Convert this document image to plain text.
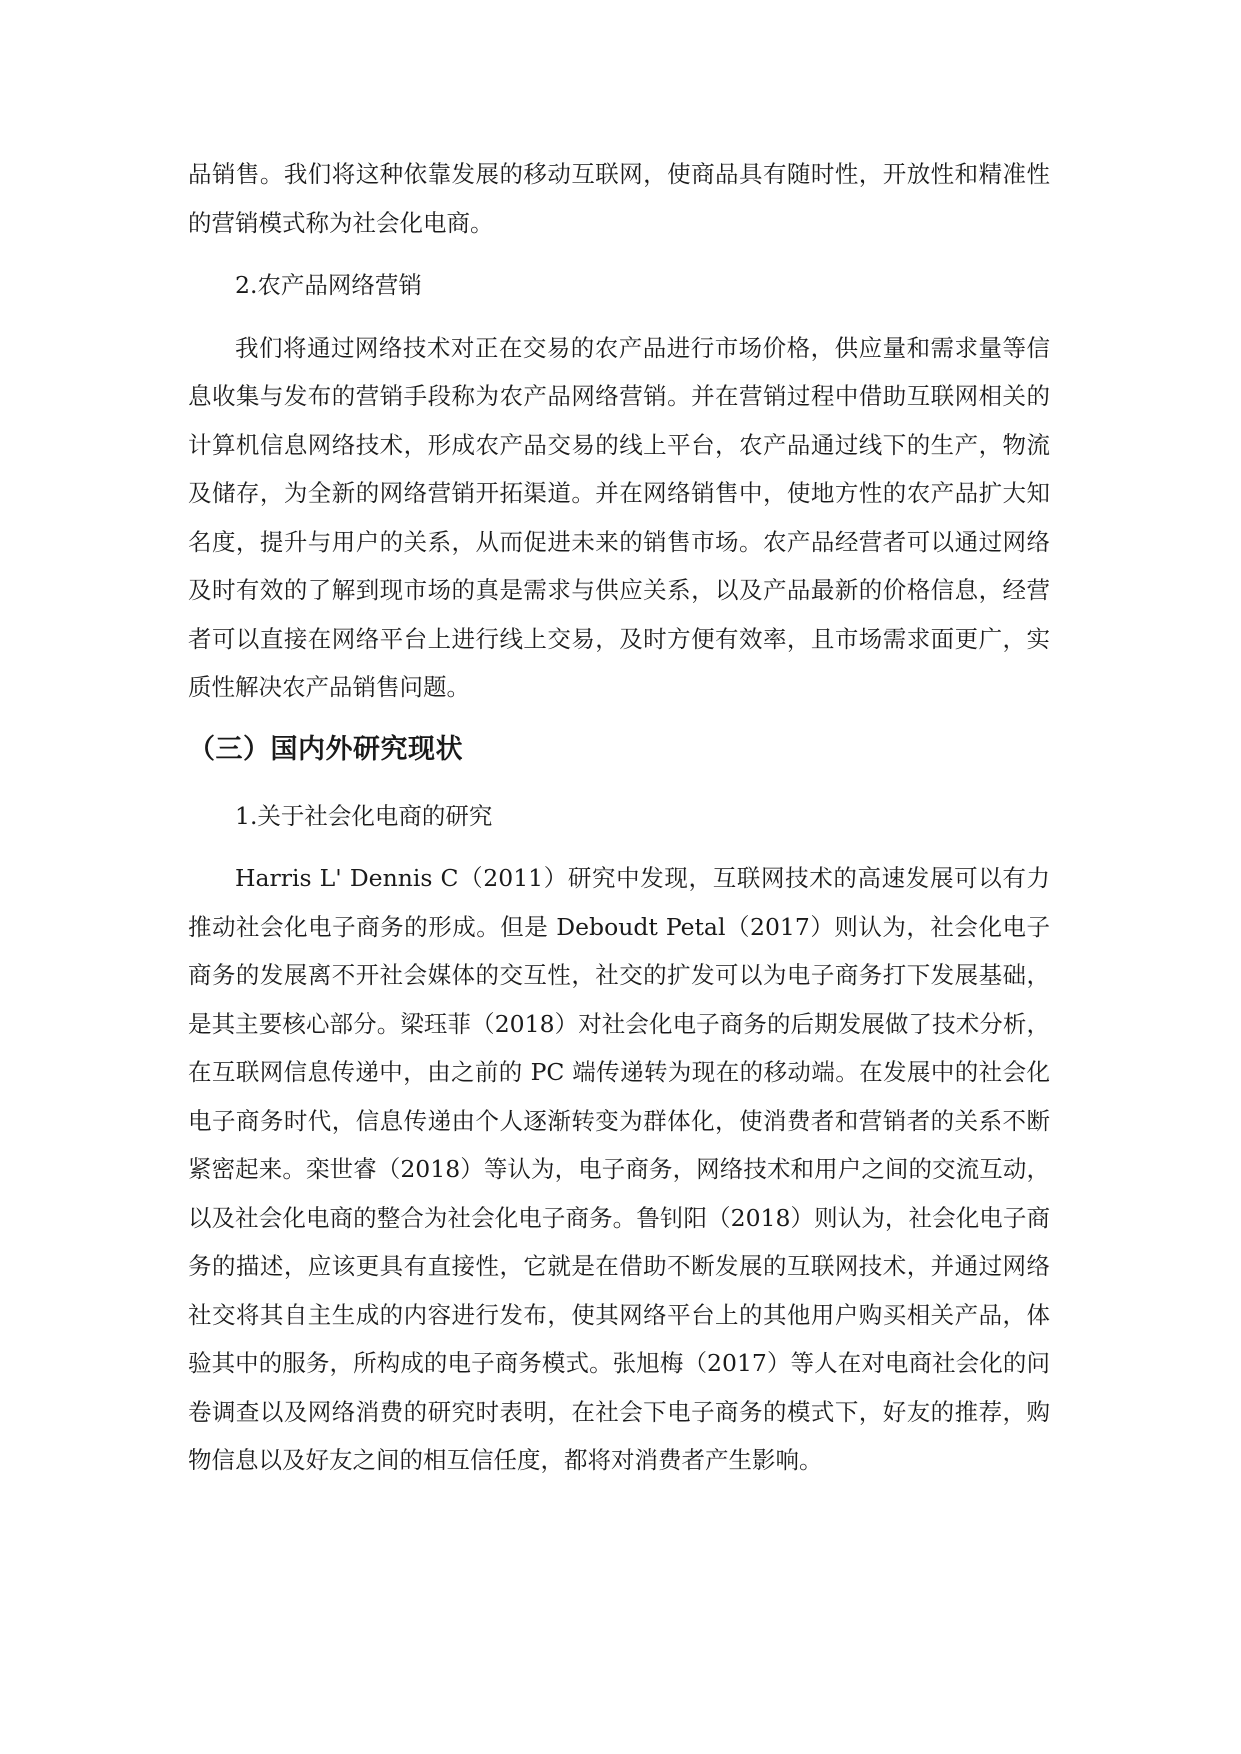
品销售。我们将这种依靠发展的移动互联网，使商品具有随时性，开放性和精准性的营销模式称为社会化电商。

2.农产品网络营销

我们将通过网络技术对正在交易的农产品进行市场价格，供应量和需求量等信息收集与发布的营销手段称为农产品网络营销。并在营销过程中借助互联网相关的计算机信息网络技术，形成农产品交易的线上平台，农产品通过线下的生产，物流及储存，为全新的网络营销开拓渠道。并在网络销售中，使地方性的农产品扩大知名度，提升与用户的关系，从而促进未来的销售市场。农产品经营者可以通过网络及时有效的了解到现市场的真是需求与供应关系，以及产品最新的价格信息，经营者可以直接在网络平台上进行线上交易，及时方便有效率，且市场需求面更广，实质性解决农产品销售问题。

（三）国内外研究现状

1.关于社会化电商的研究

Harris L' Dennis C（2011）研究中发现，互联网技术的高速发展可以有力推动社会化电子商务的形成。但是 Deboudt Petal（2017）则认为，社会化电子商务的发展离不开社会媒体的交互性，社交的扩发可以为电子商务打下发展基础，是其主要核心部分。梁珏菲（2018）对社会化电子商务的后期发展做了技术分析，在互联网信息传递中，由之前的 PC 端传递转为现在的移动端。在发展中的社会化电子商务时代，信息传递由个人逐渐转变为群体化，使消费者和营销者的关系不断紧密起来。栾世睿（2018）等认为，电子商务，网络技术和用户之间的交流互动，以及社会化电商的整合为社会化电子商务。鲁钊阳（2018）则认为，社会化电子商务的描述，应该更具有直接性，它就是在借助不断发展的互联网技术，并通过网络社交将其自主生成的内容进行发布，使其网络平台上的其他用户购买相关产品，体验其中的服务，所构成的电子商务模式。张旭梅（2017）等人在对电商社会化的问卷调查以及网络消费的研究时表明，在社会下电子商务的模式下，好友的推荐，购物信息以及好友之间的相互信任度，都将对消费者产生影响。
